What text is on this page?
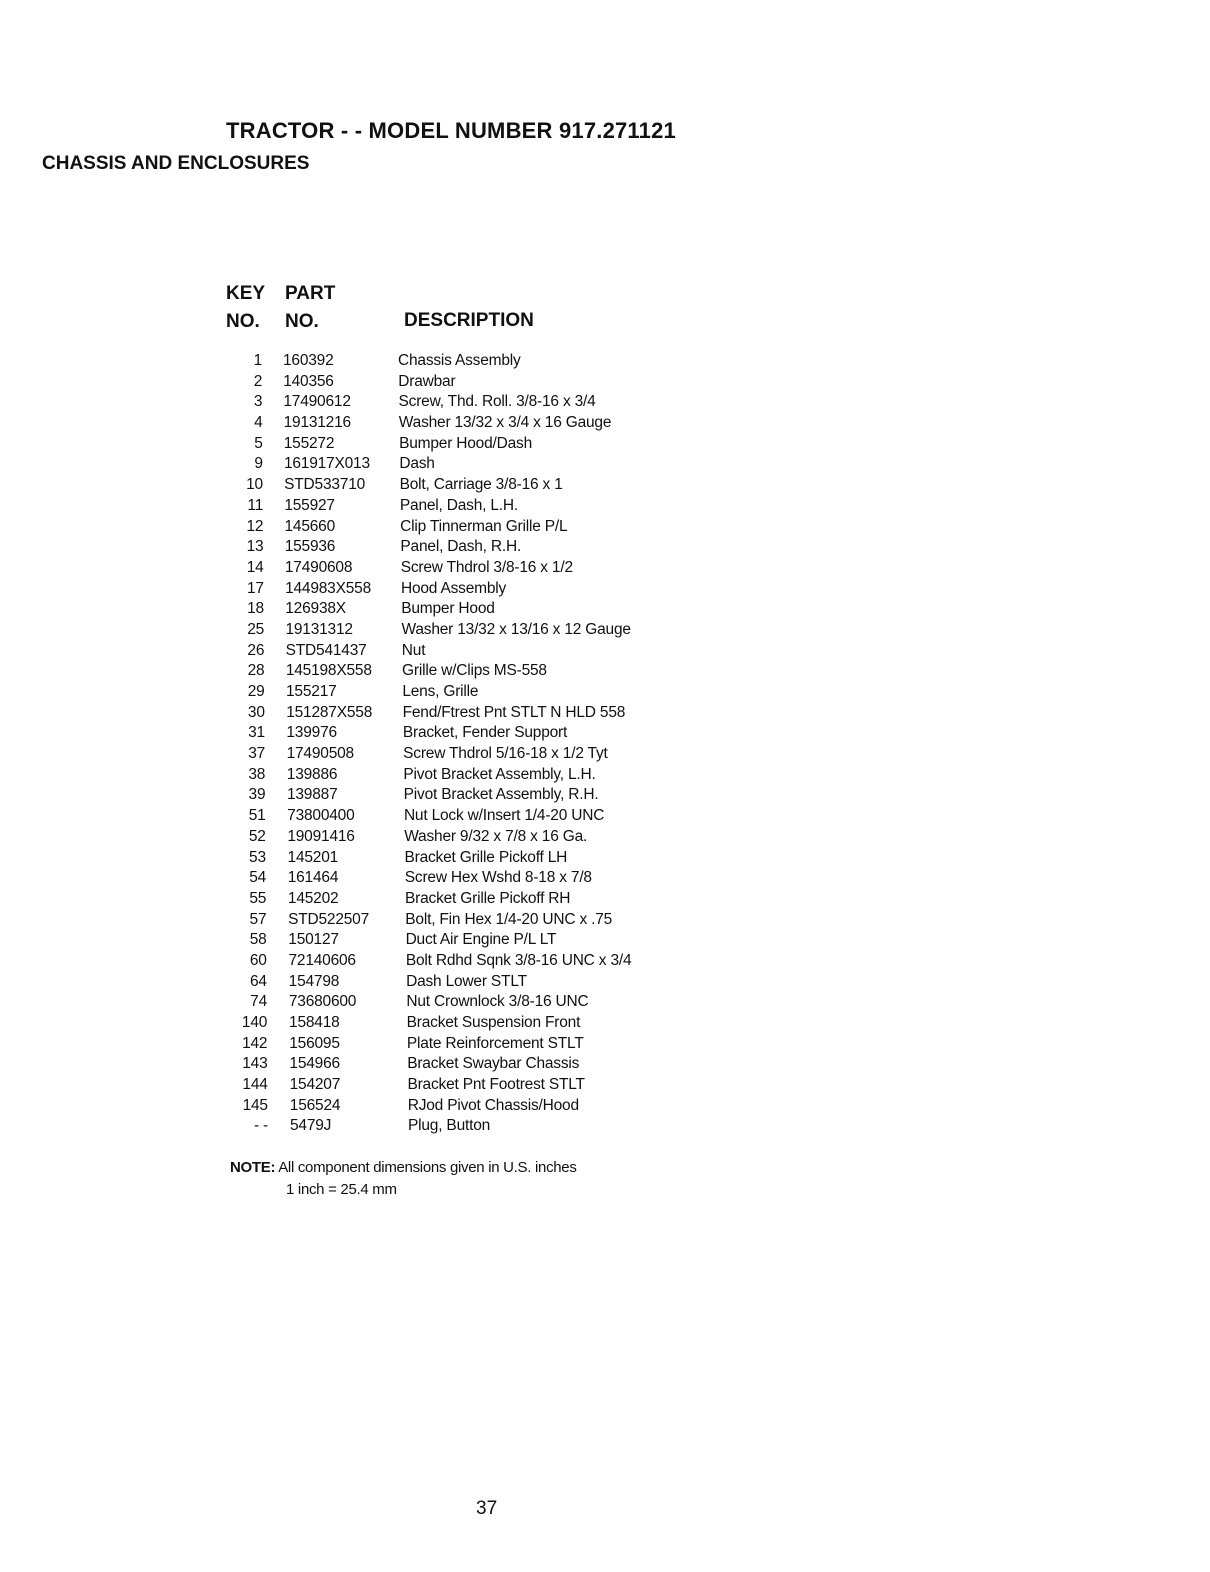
TRACTOR - - MODEL NUMBER 917.271121
CHASSIS AND ENCLOSURES
KEY
NO.
PART
NO.	DESCRIPTION
1 160392	Chassis Assembly
2 140356	Drawbar
3 17490612	Screw, Thd. Roll. 3/8-16 x 3/4
4 19131216	Washer 13/32 x 3/4 x 16 Gauge
5 155272	Bumper Hood/Dash
9 161917X013 Dash
10 STD533710 Bolt, Carriage 3/8-16 x 1
11 155927	Panel, Dash, L.H.
12 145660	Clip Tinnerman Grille P/L
13 155936	Panel, Dash, R.H.
14 17490608	Screw Thdrol 3/8-16 x 1/2
17 144983X558 Hood Assembly
18 126938X	Bumper Hood
25 19131312	Washer 13/32 x 13/16 x 12 Gauge
26 STD541437 Nut
28 145198X558 Grille w/Clips MS-558
29 155217	Lens, Grille
30 151287X558 Fend/Ftrest Pnt STLT N HLD 558
31 139976	Bracket, Fender Support
37 17490508	Screw Thdrol 5/16-18 x 1/2 Tyt
38 139886	Pivot Bracket Assembly, L.H.
39 139887	Pivot Bracket Assembly, R.H.
51 73800400	Nut Lock w/Insert 1/4-20 UNC
52 19091416	Washer 9/32 x 7/8 x 16 Ga.
53 145201	Bracket Grille Pickoff LH
54 161464	Screw Hex Wshd 8-18 x 7/8
55 145202	Bracket Grille Pickoff RH
57 STD522507 Bolt, Fin Hex 1/4-20 UNC x .75
58 150127	Duct Air Engine P/L LT
60 72140606	Bolt Rdhd Sqnk 3/8-16 UNC x 3/4
64 154798	Dash Lower STLT
74 73680600	Nut Crownlock 3/8-16 UNC
140 158418	Bracket Suspension Front
142 156095	Plate Reinforcement STLT
143 154966	Bracket Swaybar Chassis
144 154207	Bracket Pnt Footrest STLT
145 156524	RJod Pivot Chassis/Hood
- - 5479J	Plug, Button
NOTE: All component dimensions given in U.S. inches
1 inch = 25.4 mm
37
